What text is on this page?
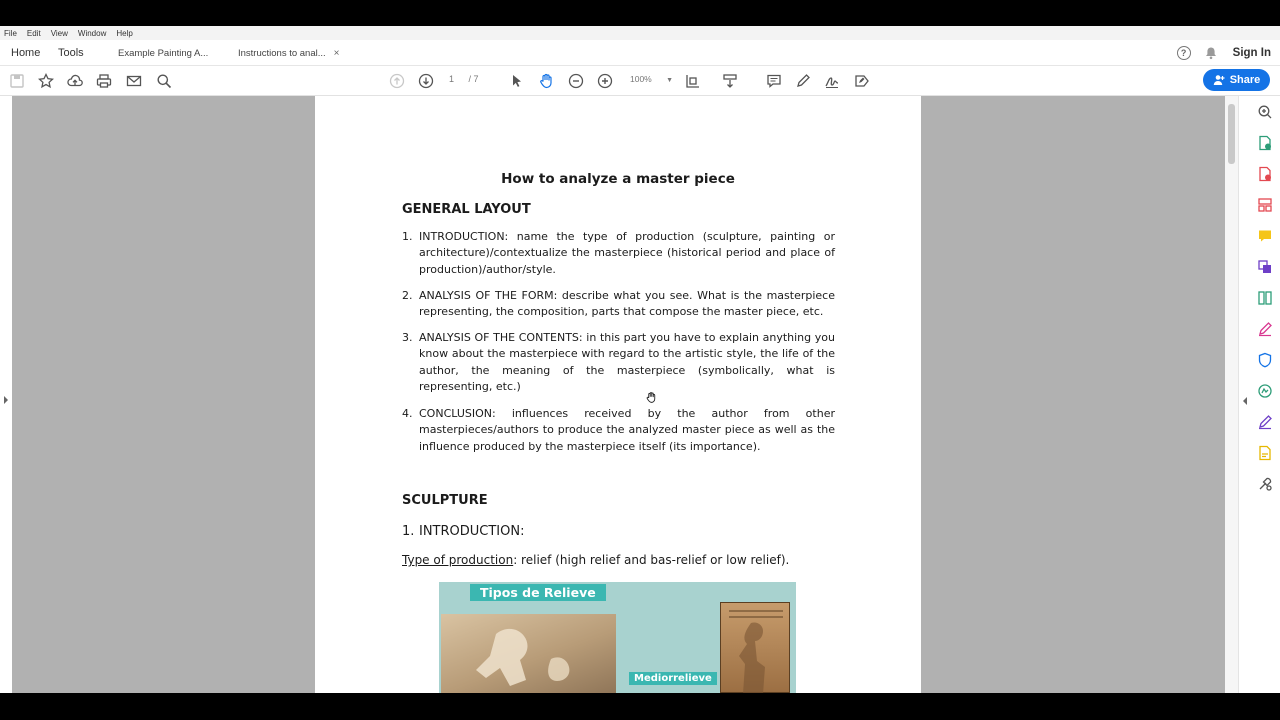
File Edit View Window Help
Home Tools	Example Painting A...	Instructions to anal... ×	?	Sign In
1 / 7	100% ▼	Share
How to analyze a master piece
GENERAL LAYOUT
1. INTRODUCTION: name the type of production (sculpture, painting or architecture)/contextualize the masterpiece (historical period and place of production)/author/style.
2. ANALYSIS OF THE FORM: describe what you see. What is the masterpiece representing, the composition, parts that compose the master piece, etc.
3. ANALYSIS OF THE CONTENTS: in this part you have to explain anything you know about the masterpiece with regard to the artistic style, the life of the author, the meaning of the masterpiece (symbolically, what is representing, etc.)
4. CONCLUSION: influences received by the author from other masterpieces/authors to produce the analyzed master piece as well as the influence produced by the masterpiece itself (its importance).
SCULPTURE
1. INTRODUCTION:
Type of production: relief (high relief and bas-relief or low relief).
Tipos de Relieve
Mediorrelieve
